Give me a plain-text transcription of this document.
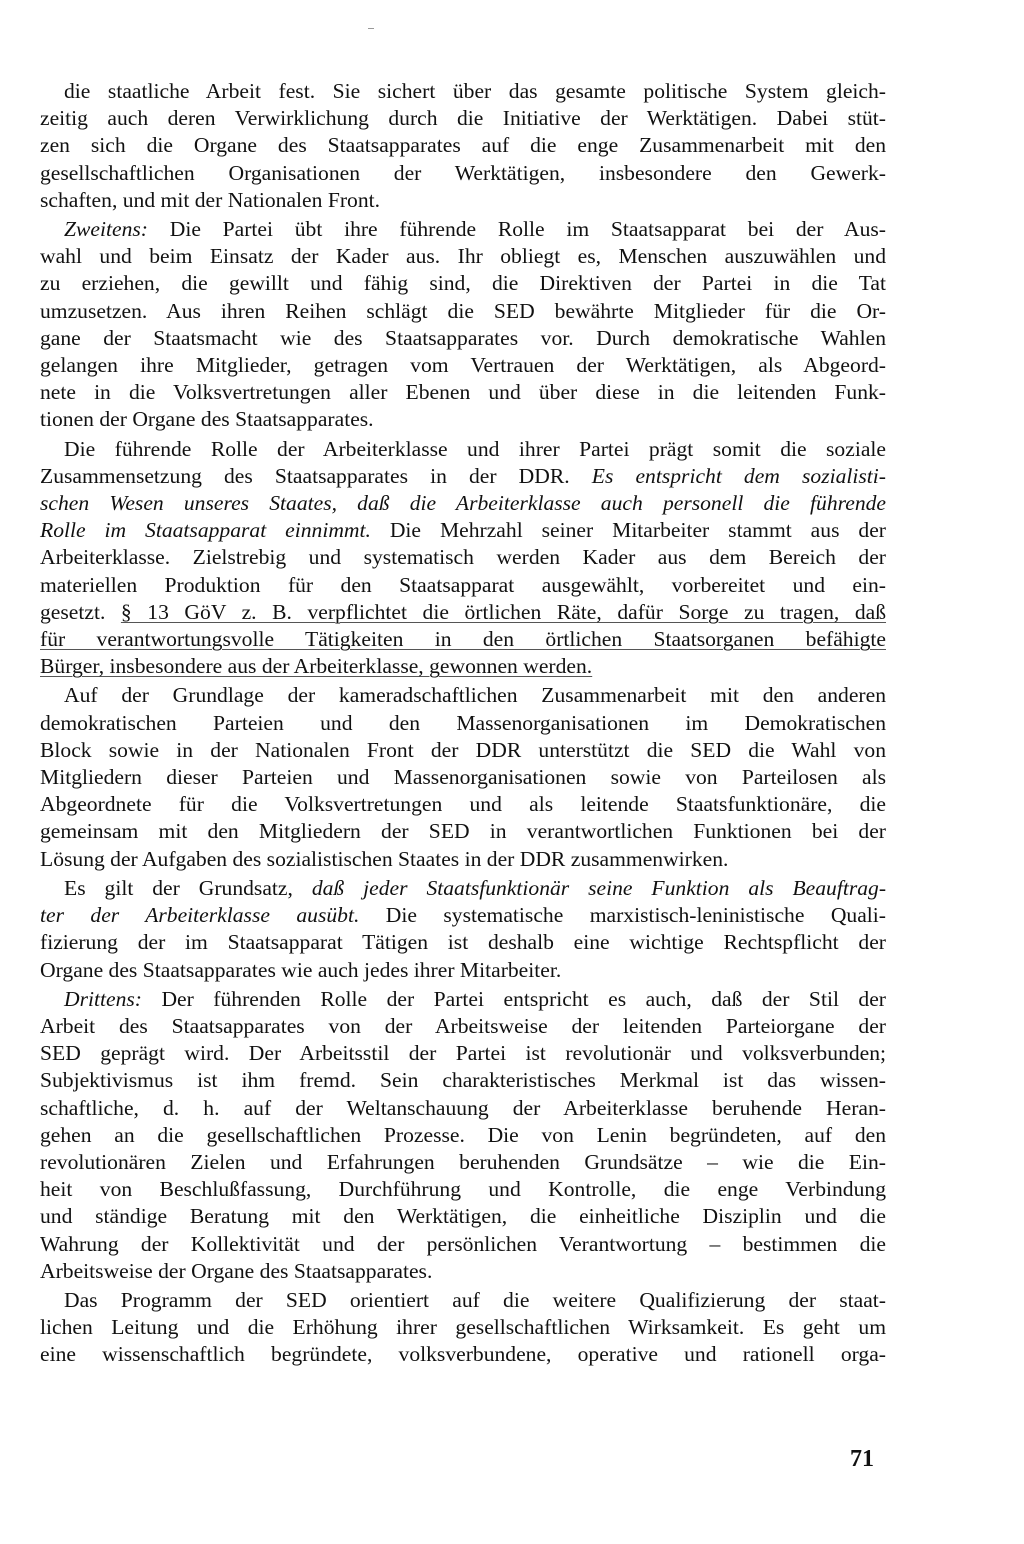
die staatliche Arbeit fest. Sie sichert über das gesamte politische System gleich-
zeitig auch deren Verwirklichung durch die Initiative der Werktätigen. Dabei stüt-
zen sich die Organe des Staatsapparates auf die enge Zusammenarbeit mit den
gesellschaftlichen Organisationen der Werktätigen, insbesondere den Gewerk-
schaften, und mit der Nationalen Front.

Zweitens: Die Partei übt ihre führende Rolle im Staatsapparat bei der Aus-
wahl und beim Einsatz der Kader aus. Ihr obliegt es, Menschen auszuwählen und
zu erziehen, die gewillt und fähig sind, die Direktiven der Partei in die Tat
umzusetzen. Aus ihren Reihen schlägt die SED bewährte Mitglieder für die Or-
gane der Staatsmacht wie des Staatsapparates vor. Durch demokratische Wahlen
gelangen ihre Mitglieder, getragen vom Vertrauen der Werktätigen, als Abgeord-
nete in die Volksvertretungen aller Ebenen und über diese in die leitenden Funk-
tionen der Organe des Staatsapparates.

Die führende Rolle der Arbeiterklasse und ihrer Partei prägt somit die soziale
Zusammensetzung des Staatsapparates in der DDR. Es entspricht dem sozialisti-
schen Wesen unseres Staates, daß die Arbeiterklasse auch personell die führende
Rolle im Staatsapparat einnimmt. Die Mehrzahl seiner Mitarbeiter stammt aus der
Arbeiterklasse. Zielstrebig und systematisch werden Kader aus dem Bereich der
materiellen Produktion für den Staatsapparat ausgewählt, vorbereitet und ein-
gesetzt. § 13 GöV z. B. verpflichtet die örtlichen Räte, dafür Sorge zu tragen, daß
für verantwortungsvolle Tätigkeiten in den örtlichen Staatsorganen befähigte
Bürger, insbesondere aus der Arbeiterklasse, gewonnen werden.

Auf der Grundlage der kameradschaftlichen Zusammenarbeit mit den anderen
demokratischen Parteien und den Massenorganisationen im Demokratischen
Block sowie in der Nationalen Front der DDR unterstützt die SED die Wahl von
Mitgliedern dieser Parteien und Massenorganisationen sowie von Parteilosen als
Abgeordnete für die Volksvertretungen und als leitende Staatsfunktionäre, die
gemeinsam mit den Mitgliedern der SED in verantwortlichen Funktionen bei der
Lösung der Aufgaben des sozialistischen Staates in der DDR zusammenwirken.

Es gilt der Grundsatz, daß jeder Staatsfunktionär seine Funktion als Beauftrag-
ter der Arbeiterklasse ausübt. Die systematische marxistisch-leninistische Quali-
fizierung der im Staatsapparat Tätigen ist deshalb eine wichtige Rechtspflicht der
Organe des Staatsapparates wie auch jedes ihrer Mitarbeiter.

Drittens: Der führenden Rolle der Partei entspricht es auch, daß der Stil der
Arbeit des Staatsapparates von der Arbeitsweise der leitenden Parteiorgane der
SED geprägt wird. Der Arbeitsstil der Partei ist revolutionär und volksverbunden;
Subjektivismus ist ihm fremd. Sein charakteristisches Merkmal ist das wissen-
schaftliche, d. h. auf der Weltanschauung der Arbeiterklasse beruhende Heran-
gehen an die gesellschaftlichen Prozesse. Die von Lenin begründeten, auf den
revolutionären Zielen und Erfahrungen beruhenden Grundsätze – wie die Ein-
heit von Beschlußfassung, Durchführung und Kontrolle, die enge Verbindung
und ständige Beratung mit den Werktätigen, die einheitliche Disziplin und die
Wahrung der Kollektivität und der persönlichen Verantwortung – bestimmen die
Arbeitsweise der Organe des Staatsapparates.

Das Programm der SED orientiert auf die weitere Qualifizierung der staat-
lichen Leitung und die Erhöhung ihrer gesellschaftlichen Wirksamkeit. Es geht um
eine wissenschaftlich begründete, volksverbundene, operative und rationell orga-

71
